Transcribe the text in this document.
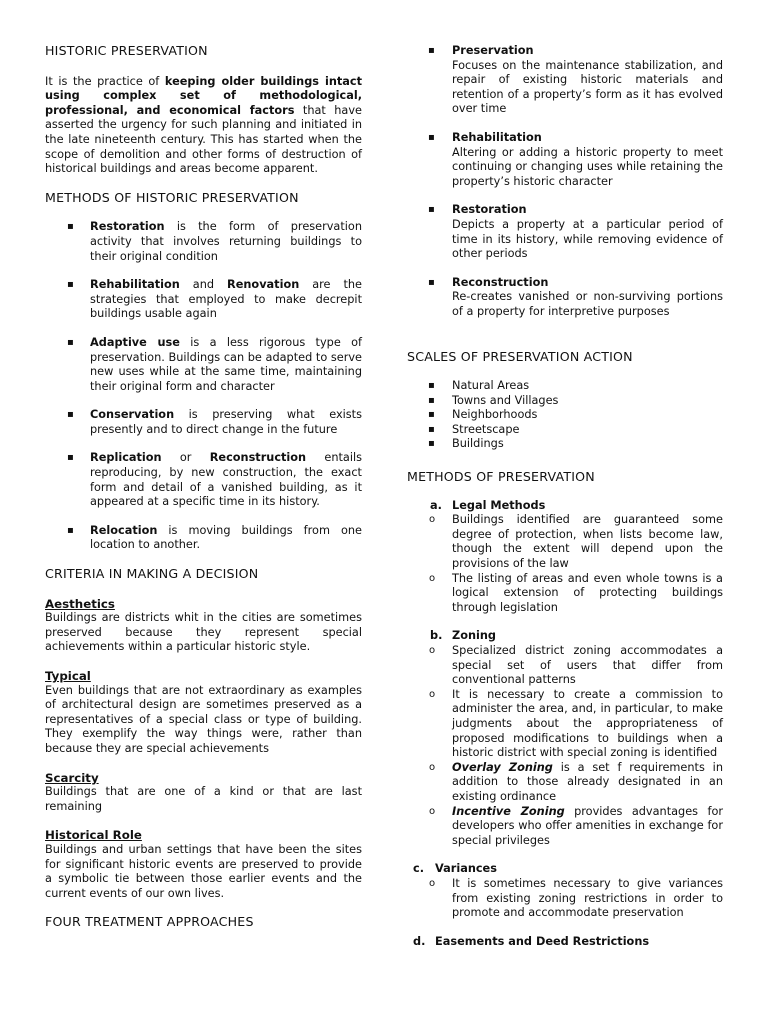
HISTORIC PRESERVATION

It is the practice of keeping older buildings intact using complex set of methodological, professional, and economical factors that have asserted the urgency for such planning and initiated in the late nineteenth century. This has started when the scope of demolition and other forms of destruction of historical buildings and areas become apparent.

METHODS OF HISTORIC PRESERVATION
▪ Restoration is the form of preservation activity that involves returning buildings to their original condition
▪ Rehabilitation and Renovation are the strategies that employed to make decrepit buildings usable again
▪ Adaptive use is a less rigorous type of preservation. Buildings can be adapted to serve new uses while at the same time, maintaining their original form and character
▪ Conservation is preserving what exists presently and to direct change in the future
▪ Replication or Reconstruction entails reproducing, by new construction, the exact form and detail of a vanished building, as it appeared at a specific time in its history.
▪ Relocation is moving buildings from one location to another.
CRITERIA IN MAKING A DECISION

Aesthetics

Buildings are districts whit in the cities are sometimes preserved because they represent special achievements within a particular historic style.

Typical

Even buildings that are not extraordinary as examples of architectural design are sometimes preserved as a representatives of a special class or type of building. They exemplify the way things were, rather than because they are special achievements

Scarcity

Buildings that are one of a kind or that are last remaining

Historical Role

Buildings and urban settings that have been the sites for significant historic events are preserved to provide a symbolic tie between those earlier events and the current events of our own lives.

FOUR TREATMENT APPROACHES
▪ Preservation

Focuses on the maintenance stabilization, and repair of existing historic materials and retention of a property’s form as it has evolved over time

▪ Rehabilitation

Altering or adding a historic property to meet continuing or changing uses while retaining the property’s historic character

▪ Restoration

Depicts a property at a particular period of time in its history, while removing evidence of other periods

▪ Reconstruction

Re-creates vanished or non-surviving portions of a property for interpretive purposes

SCALES OF PRESERVATION ACTION
▪ Natural Areas
▪ Towns and Villages
▪ Neighborhoods
▪ Streetscape
▪ Buildings
METHODS OF PRESERVATION
a. Legal Methods
o Buildings identified are guaranteed some degree of protection, when lists become law, though the extent will depend upon the provisions of the law
o The listing of areas and even whole towns is a logical extension of protecting buildings through legislation
b. Zoning
o Specialized district zoning accommodates a special set of users that differ from conventional patterns
o It is necessary to create a commission to administer the area, and, in particular, to make judgments about the appropriateness of proposed modifications to buildings when a historic district with special zoning is identified
o Overlay Zoning is a set f requirements in addition to those already designated in an existing ordinance
o Incentive Zoning provides advantages for developers who offer amenities in exchange for special privileges
c. Variances
o It is sometimes necessary to give variances from existing zoning restrictions in order to promote and accommodate preservation
d. Easements and Deed Restrictions
